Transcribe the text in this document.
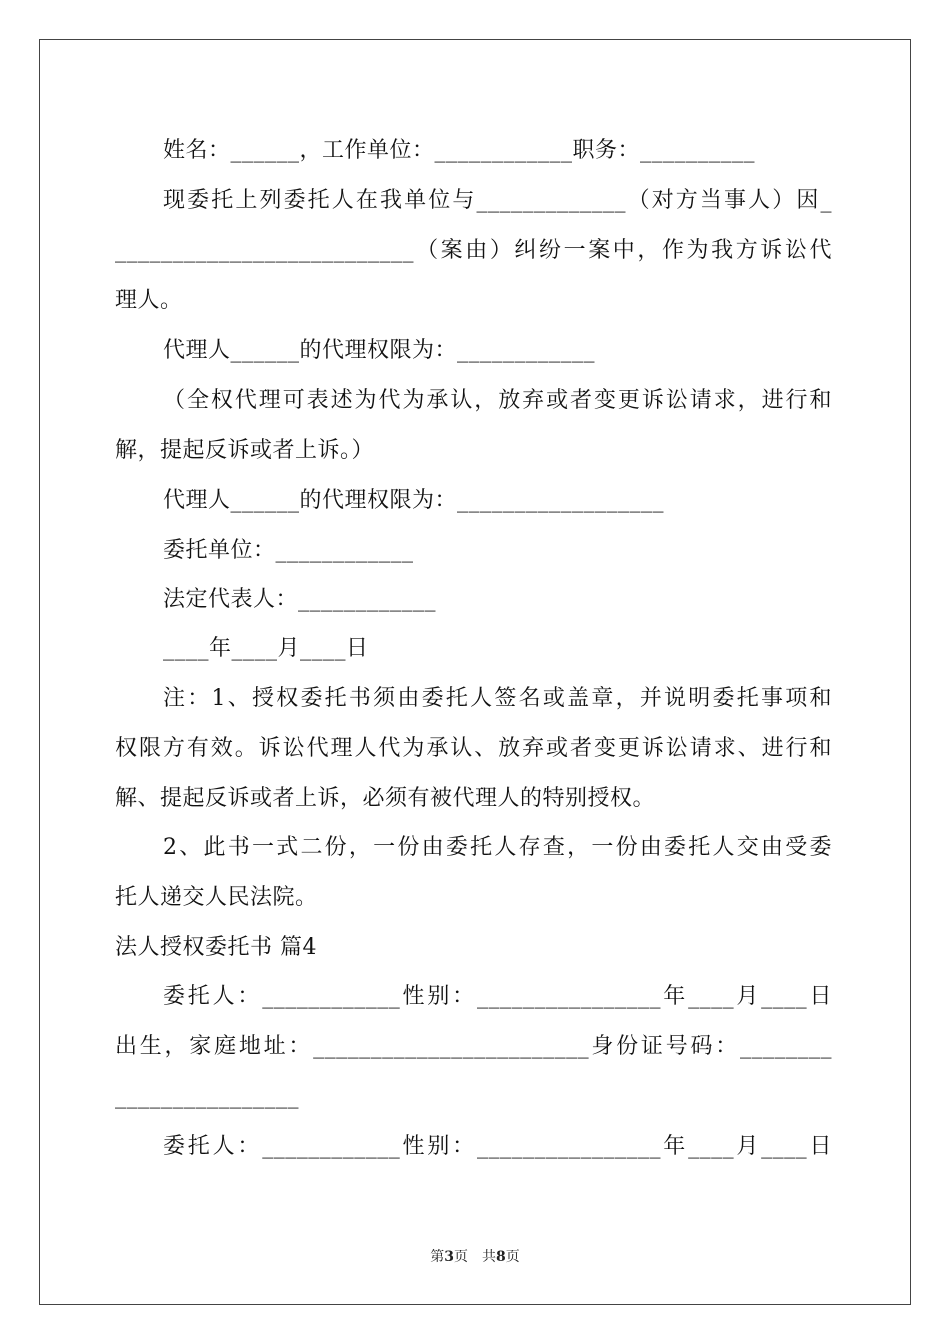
姓名：______，工作单位：____________职务：__________
现委托上列委托人在我单位与_____________（对方当事人）因_
__________________________（案由）纠纷一案中，作为我方诉讼代
理人。
代理人______的代理权限为：____________
（全权代理可表述为代为承认，放弃或者变更诉讼请求，进行和
解，提起反诉或者上诉。）
代理人______的代理权限为：__________________
委托单位：____________
法定代表人：____________
____年____月____日
注：1、授权委托书须由委托人签名或盖章，并说明委托事项和
权限方有效。诉讼代理人代为承认、放弃或者变更诉讼请求、进行和
解、提起反诉或者上诉，必须有被代理人的特别授权。
2、此书一式二份，一份由委托人存查，一份由委托人交由受委
托人递交人民法院。
法人授权委托书 篇4
委托人：____________性别：________________年____月____日
出生，家庭地址：________________________身份证号码：________
________________
委托人：____________性别：________________年____月____日
第3页　共8页
